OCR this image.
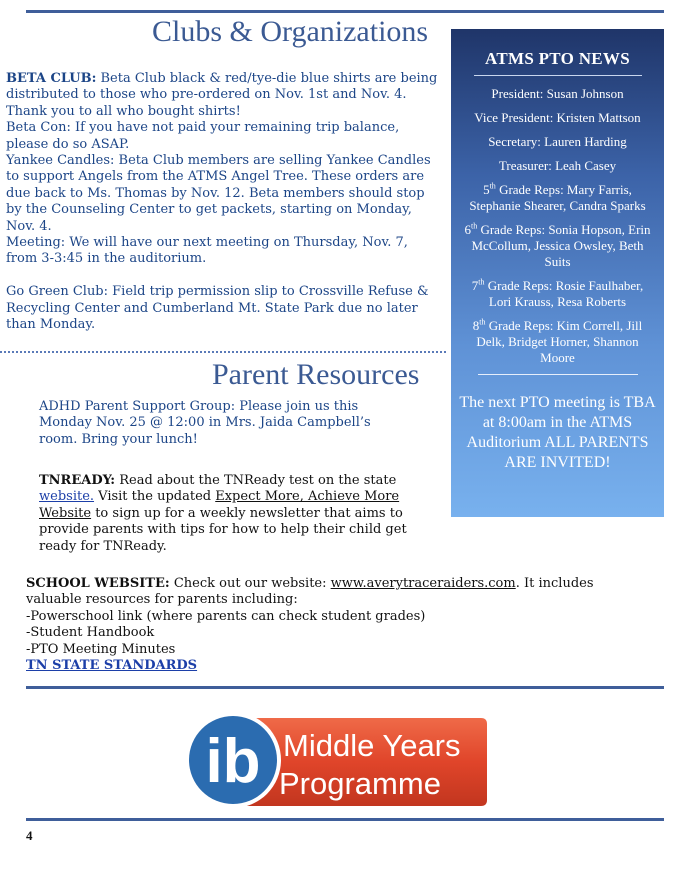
Clubs & Organizations

BETA CLUB: Beta Club black & red/tye-die blue shirts are being distributed to those who pre-ordered on Nov. 1st and Nov. 4. Thank you to all who bought shirts!

Beta Con: If you have not paid your remaining trip balance, please do so ASAP.

Yankee Candles: Beta Club members are selling Yankee Candles to support Angels from the ATMS Angel Tree. These orders are due back to Ms. Thomas by Nov. 12. Beta members should stop by the Counseling Center to get packets, starting on Monday, Nov. 4.

Meeting: We will have our next meeting on Thursday, Nov. 7, from 3-3:45 in the auditorium.

Go Green Club: Field trip permission slip to Crossville Refuse & Recycling Center and Cumberland Mt. State Park due no later than Monday.

Parent Resources
ADHD Parent Support Group: Please join us this Monday Nov. 25 @ 12:00 in Mrs. Jaida Campbell’s room. Bring your lunch!
TNREADY: Read about the TNReady test on the state website. Visit the updated Expect More, Achieve More Website to sign up for a weekly newsletter that aims to provide parents with tips for how to help their child get ready for TNReady.

SCHOOL WEBSITE: Check out our website: www.averytraceraiders.com. It includes valuable resources for parents including:

-Powerschool link (where parents can check student grades)

-Student Handbook

-PTO Meeting Minutes

TN STATE STANDARDS

ATMS PTO NEWS
President: Susan Johnson
Vice President: Kristen Mattson
Secretary: Lauren Harding
Treasurer: Leah Casey
5th Grade Reps: Mary Farris, Stephanie Shearer, Candra Sparks
6th Grade Reps: Sonia Hopson, Erin McCollum, Jessica Owsley, Beth Suits
7th Grade Reps: Rosie Faulhaber, Lori Krauss, Resa Roberts
8th Grade Reps: Kim Correll, Jill Delk, Bridget Horner, Shannon Moore
The next PTO meeting is TBA at 8:00am in the ATMS Auditorium ALL PARENTS ARE INVITED!
ib Middle Years
Programme
4
